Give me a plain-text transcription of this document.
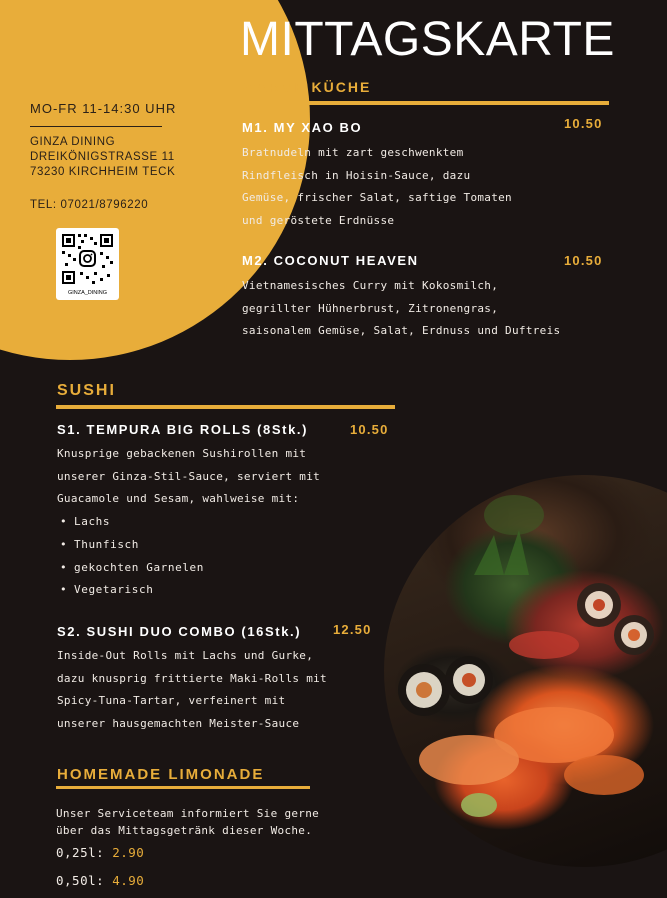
MO-FR 11-14:30 UHR
GINZA DINING
DREIKÖNIGSTRASSE 11
73230 KIRCHHEIM TECK
TEL: 07021/8796220
GINZA_DINING
MITTAGSKARTE
WARME KÜCHE
M1. MY XAO BO	10.50
Bratnudeln mit zart geschwenktem
Rindfleisch in Hoisin-Sauce, dazu
Gemüse, frischer Salat, saftige Tomaten
und geröstete Erdnüsse
M2. COCONUT HEAVEN	10.50
Vietnamesisches Curry mit Kokosmilch,
gegrillter Hühnerbrust, Zitronengras,
saisonalem Gemüse, Salat, Erdnuss und Duftreis
SUSHI
S1. TEMPURA BIG ROLLS (8Stk.)	10.50
Knusprige gebackenen Sushirollen mit
unserer Ginza-Stil-Sauce, serviert mit
Guacamole und Sesam, wahlweise mit:
• Lachs
• Thunfisch
• gekochten Garnelen
• Vegetarisch
S2. SUSHI DUO COMBO (16Stk.) 12.50
Inside-Out Rolls mit Lachs und Gurke,
dazu knusprig frittierte Maki-Rolls mit
Spicy-Tuna-Tartar, verfeinert mit
unserer hausgemachten Meister-Sauce
HOMEMADE LIMONADE
Unser Serviceteam informiert Sie gerne
über das Mittagsgetränk dieser Woche.
0,25l: 2.90
0,50l: 4.90
